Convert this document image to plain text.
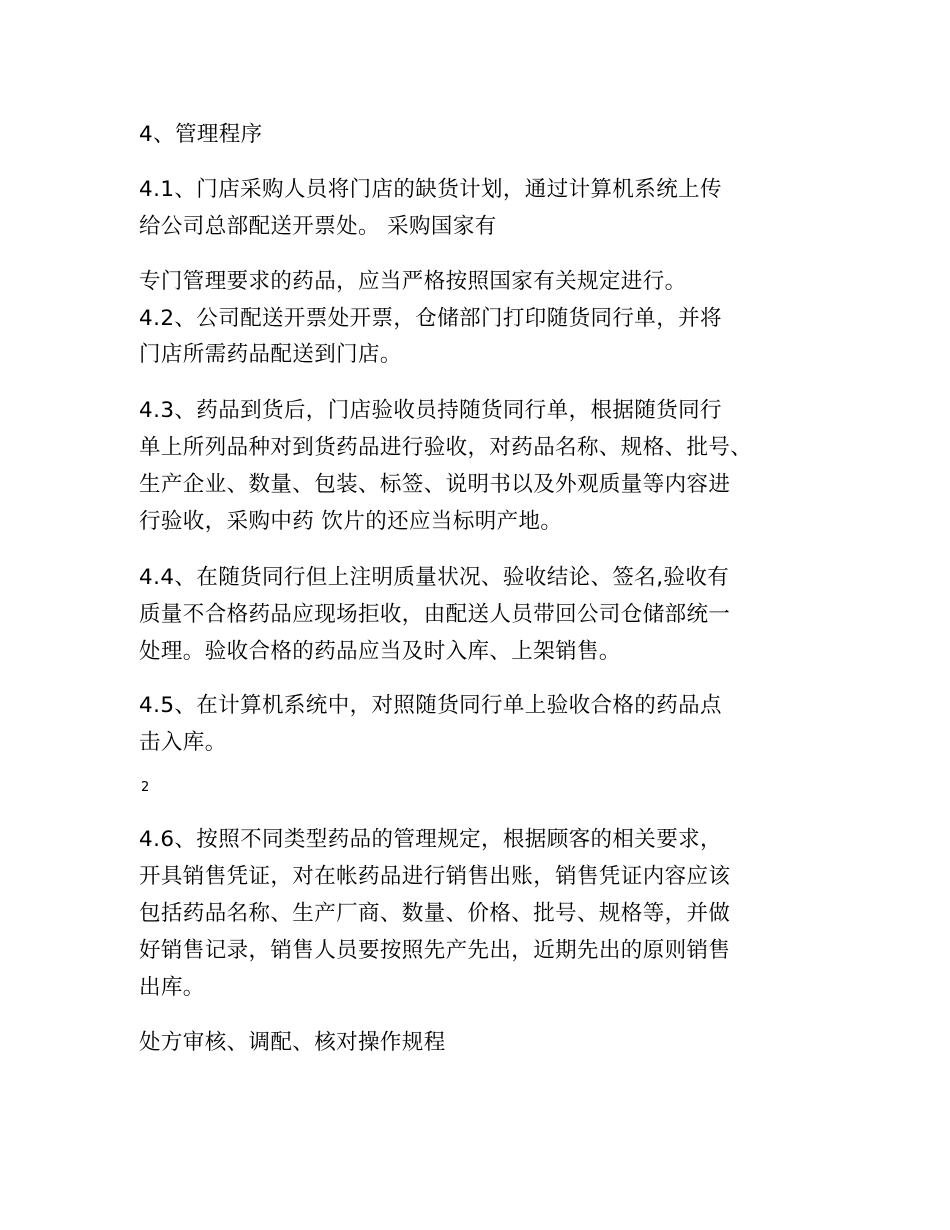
4、管理程序
4.1、门店采购人员将门店的缺货计划，通过计算机系统上传
给公司总部配送开票处。 采购国家有
专门管理要求的药品，应当严格按照国家有关规定进行。
4.2、公司配送开票处开票，仓储部门打印随货同行单，并将
门店所需药品配送到门店。
4.3、药品到货后，门店验收员持随货同行单，根据随货同行
单上所列品种对到货药品进行验收，对药品名称、规格、批号、
生产企业、数量、包装、标签、说明书以及外观质量等内容进
行验收，采购中药 饮片的还应当标明产地。
4.4、在随货同行但上注明质量状况、验收结论、签名,验收有
质量不合格药品应现场拒收，由配送人员带回公司仓储部统一
处理。验收合格的药品应当及时入库、上架销售。
4.5、在计算机系统中，对照随货同行单上验收合格的药品点
击入库。
2
4.6、按照不同类型药品的管理规定，根据顾客的相关要求，
开具销售凭证，对在帐药品进行销售出账，销售凭证内容应该
包括药品名称、生产厂商、数量、价格、批号、规格等，并做
好销售记录，销售人员要按照先产先出，近期先出的原则销售
出库。
处方审核、调配、核对操作规程
